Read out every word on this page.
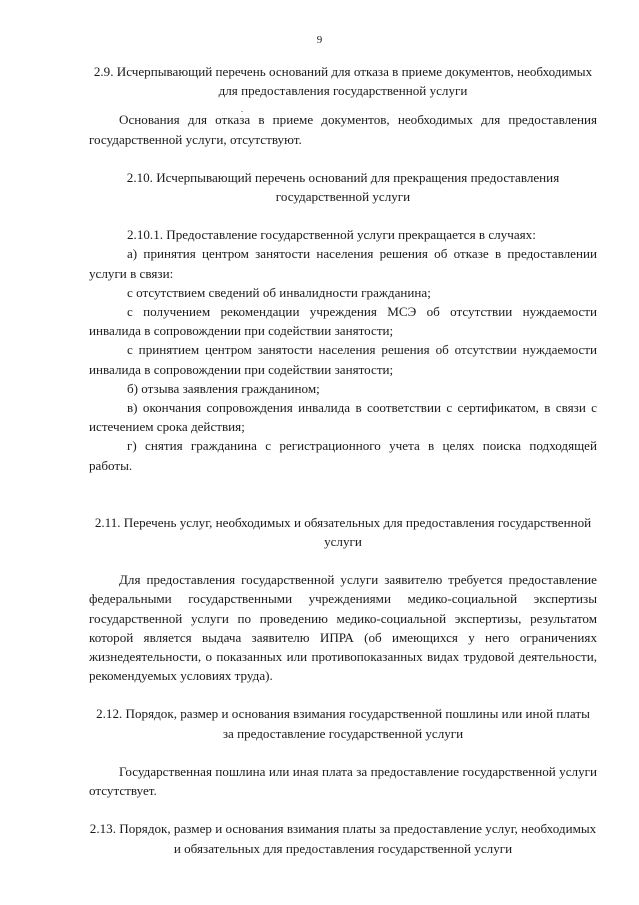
9

2.9. Исчерпывающий перечень оснований для отказа в приеме документов, необходимых для предоставления государственной услуги

.

Основания для отказа в приеме документов, необходимых для предоставления государственной услуги, отсутствуют.

2.10. Исчерпывающий перечень оснований для прекращения предоставления государственной услуги

2.10.1. Предоставление государственной услуги прекращается в случаях:

а) принятия центром занятости населения решения об отказе в предоставлении услуги в связи:

с отсутствием сведений об инвалидности гражданина;

с получением рекомендации учреждения МСЭ об отсутствии нуждаемости инвалида в сопровождении при содействии занятости;

с принятием центром занятости населения решения об отсутствии нуждаемости инвалида в сопровождении при содействии занятости;

б) отзыва заявления гражданином;

в) окончания сопровождения инвалида в соответствии с сертификатом, в связи с истечением срока действия;

г) снятия гражданина с регистрационного учета в целях поиска подходящей работы.

2.11. Перечень услуг, необходимых и обязательных для предоставления государственной услуги

Для предоставления государственной услуги заявителю требуется предоставление федеральными государственными учреждениями медико-социальной экспертизы государственной услуги по проведению медико-социальной экспертизы, результатом которой является выдача заявителю ИПРА (об имеющихся у него ограничениях жизнедеятельности, о показанных или противопоказанных видах трудовой деятельности, рекомендуемых условиях труда).

2.12. Порядок, размер и основания взимания государственной пошлины или иной платы за предоставление государственной услуги

Государственная пошлина или иная плата за предоставление государственной услуги отсутствует.

2.13. Порядок, размер и основания взимания платы за предоставление услуг, необходимых и обязательных для предоставления государственной услуги
